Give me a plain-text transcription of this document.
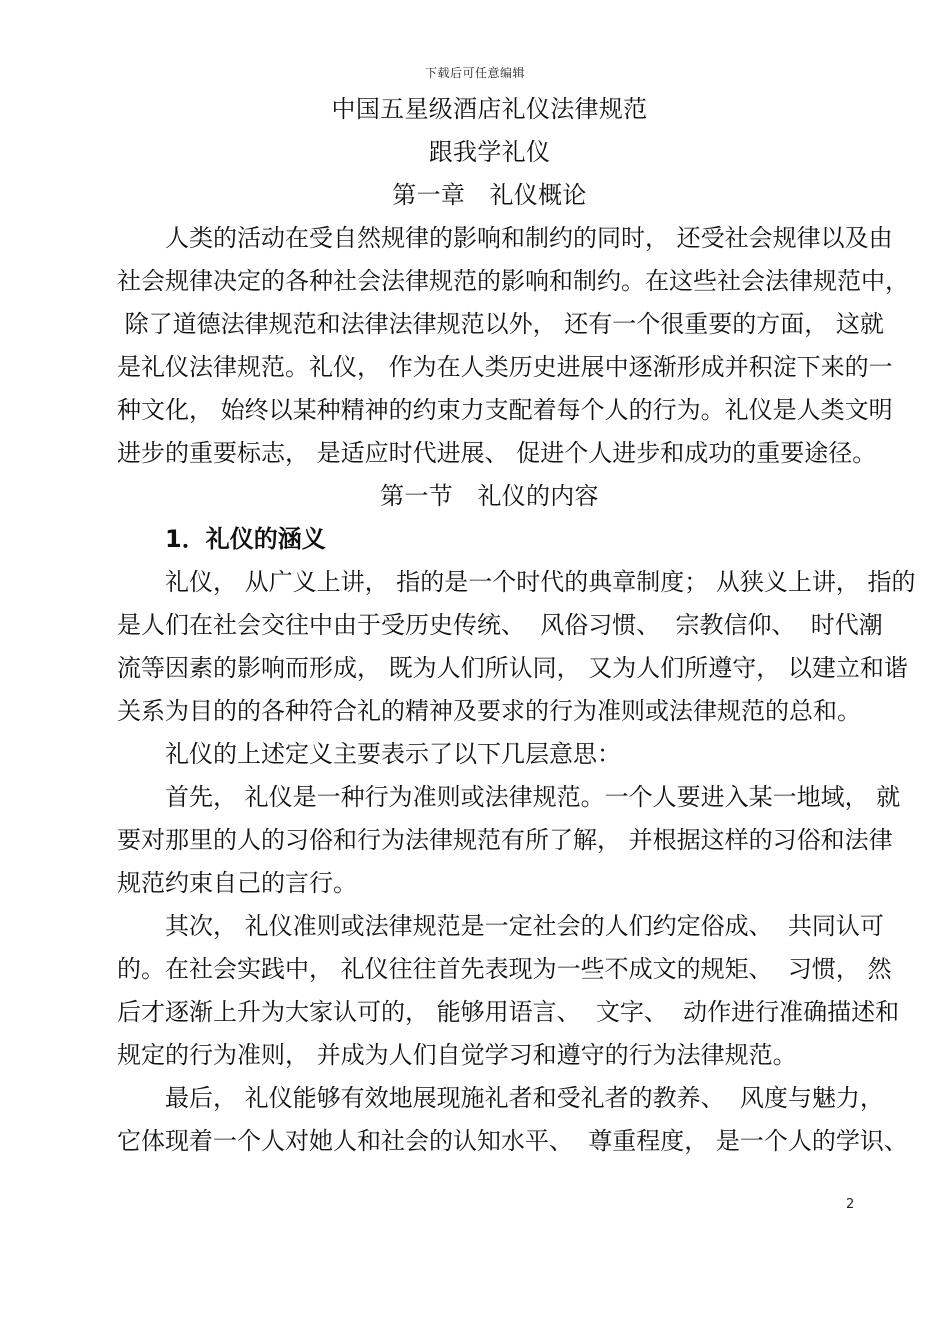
下载后可任意编辑
中国五星级酒店礼仪法律规范
跟我学礼仪
第一章　礼仪概论

人类的活动在受自然规律的影响和制约的同时， 还受社会规律以及由
社会规律决定的各种社会法律规范的影响和制约。在这些社会法律规范中，
除了道德法律规范和法律法律规范以外， 还有一个很重要的方面， 这就
是礼仪法律规范。礼仪， 作为在人类历史进展中逐渐形成并积淀下来的一
种文化， 始终以某种精神的约束力支配着每个人的行为。礼仪是人类文明
进步的重要标志， 是适应时代进展、 促进个人进步和成功的重要途径。

第一节　礼仪的内容
1．礼仪的涵义

礼仪， 从广义上讲， 指的是一个时代的典章制度； 从狭义上讲， 指的
是人们在社会交往中由于受历史传统、  风俗习惯、  宗教信仰、  时代潮
流等因素的影响而形成， 既为人们所认同， 又为人们所遵守， 以建立和谐
关系为目的的各种符合礼的精神及要求的行为准则或法律规范的总和。

礼仪的上述定义主要表示了以下几层意思：

首先， 礼仪是一种行为准则或法律规范。一个人要进入某一地域， 就
要对那里的人的习俗和行为法律规范有所了解， 并根据这样的习俗和法律
规范约束自己的言行。

其次， 礼仪准则或法律规范是一定社会的人们约定俗成、  共同认可
的。在社会实践中， 礼仪往往首先表现为一些不成文的规矩、  习惯， 然
后才逐渐上升为大家认可的， 能够用语言、  文字、  动作进行准确描述和
规定的行为准则， 并成为人们自觉学习和遵守的行为法律规范。

最后， 礼仪能够有效地展现施礼者和受礼者的教养、  风度与魅力，
它体现着一个人对她人和社会的认知水平、  尊重程度， 是一个人的学识、

2
